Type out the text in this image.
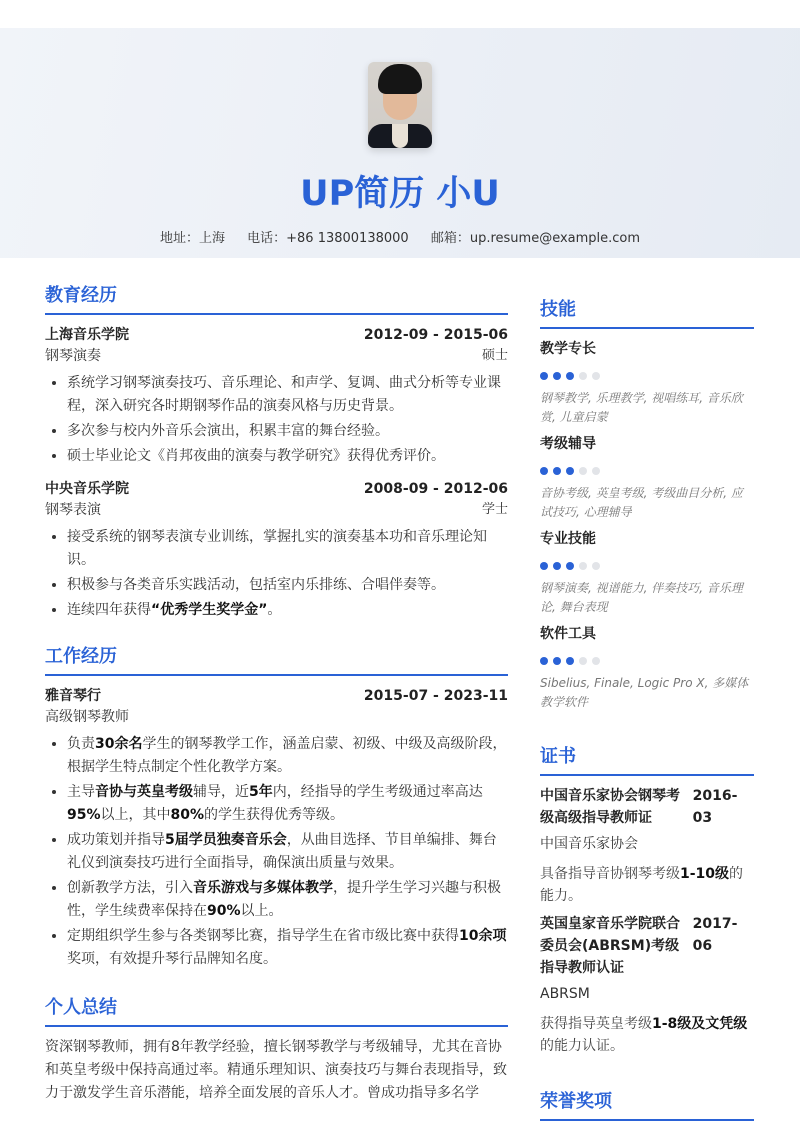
UP简历 小U
地址：上海 电话：+86 13800138000 邮箱：up.resume@example.com
教育经历
上海音乐学院	2012-09 - 2015-06
钢琴演奏	硕士
• 系统学习钢琴演奏技巧、音乐理论、和声学、复调、曲式分析等专业课程，深入研究各时期钢琴作品的演奏风格与历史背景。
• 多次参与校内外音乐会演出，积累丰富的舞台经验。
• 硕士毕业论文《肖邦夜曲的演奏与教学研究》获得优秀评价。
中央音乐学院	2008-09 - 2012-06
钢琴表演	学士
• 接受系统的钢琴表演专业训练，掌握扎实的演奏基本功和音乐理论知识。
• 积极参与各类音乐实践活动，包括室内乐排练、合唱伴奏等。
• 连续四年获得“优秀学生奖学金”。
工作经历
雅音琴行	2015-07 - 2023-11
高级钢琴教师
• 负责30余名学生的钢琴教学工作，涵盖启蒙、初级、中级及高级阶段，根据学生特点制定个性化教学方案。
• 主导音协与英皇考级辅导，近5年内，经指导的学生考级通过率高达95%以上，其中80%的学生获得优秀等级。
• 成功策划并指导5届学员独奏音乐会，从曲目选择、节目单编排、舞台礼仪到演奏技巧进行全面指导，确保演出质量与效果。
• 创新教学方法，引入音乐游戏与多媒体教学，提升学生学习兴趣与积极性，学生续费率保持在90%以上。
• 定期组织学生参与各类钢琴比赛，指导学生在省市级比赛中获得10余项奖项，有效提升琴行品牌知名度。
个人总结
资深钢琴教师，拥有8年教学经验，擅长钢琴教学与考级辅导，尤其在音协和英皇考级中保持高通过率。精通乐理知识、演奏技巧与舞台表现指导，致力于激发学生音乐潜能，培养全面发展的音乐人才。曾成功指导多名学
技能
教学专长
钢琴教学, 乐理教学, 视唱练耳, 音乐欣赏, 儿童启蒙
考级辅导
音协考级, 英皇考级, 考级曲目分析, 应试技巧, 心理辅导
专业技能
钢琴演奏, 视谱能力, 伴奏技巧, 音乐理论, 舞台表现
软件工具
Sibelius, Finale, Logic Pro X, 多媒体教学软件
证书
中国音乐家协会钢琴考级高级指导教师证
2016-03
中国音乐家协会
具备指导音协钢琴考级1-10级的能力。
英国皇家音乐学院联合委员会(ABRSM)考级指导教师认证
2017-06
ABRSM
获得指导英皇考级1-8级及文凭级的能力认证。
荣誉奖项
